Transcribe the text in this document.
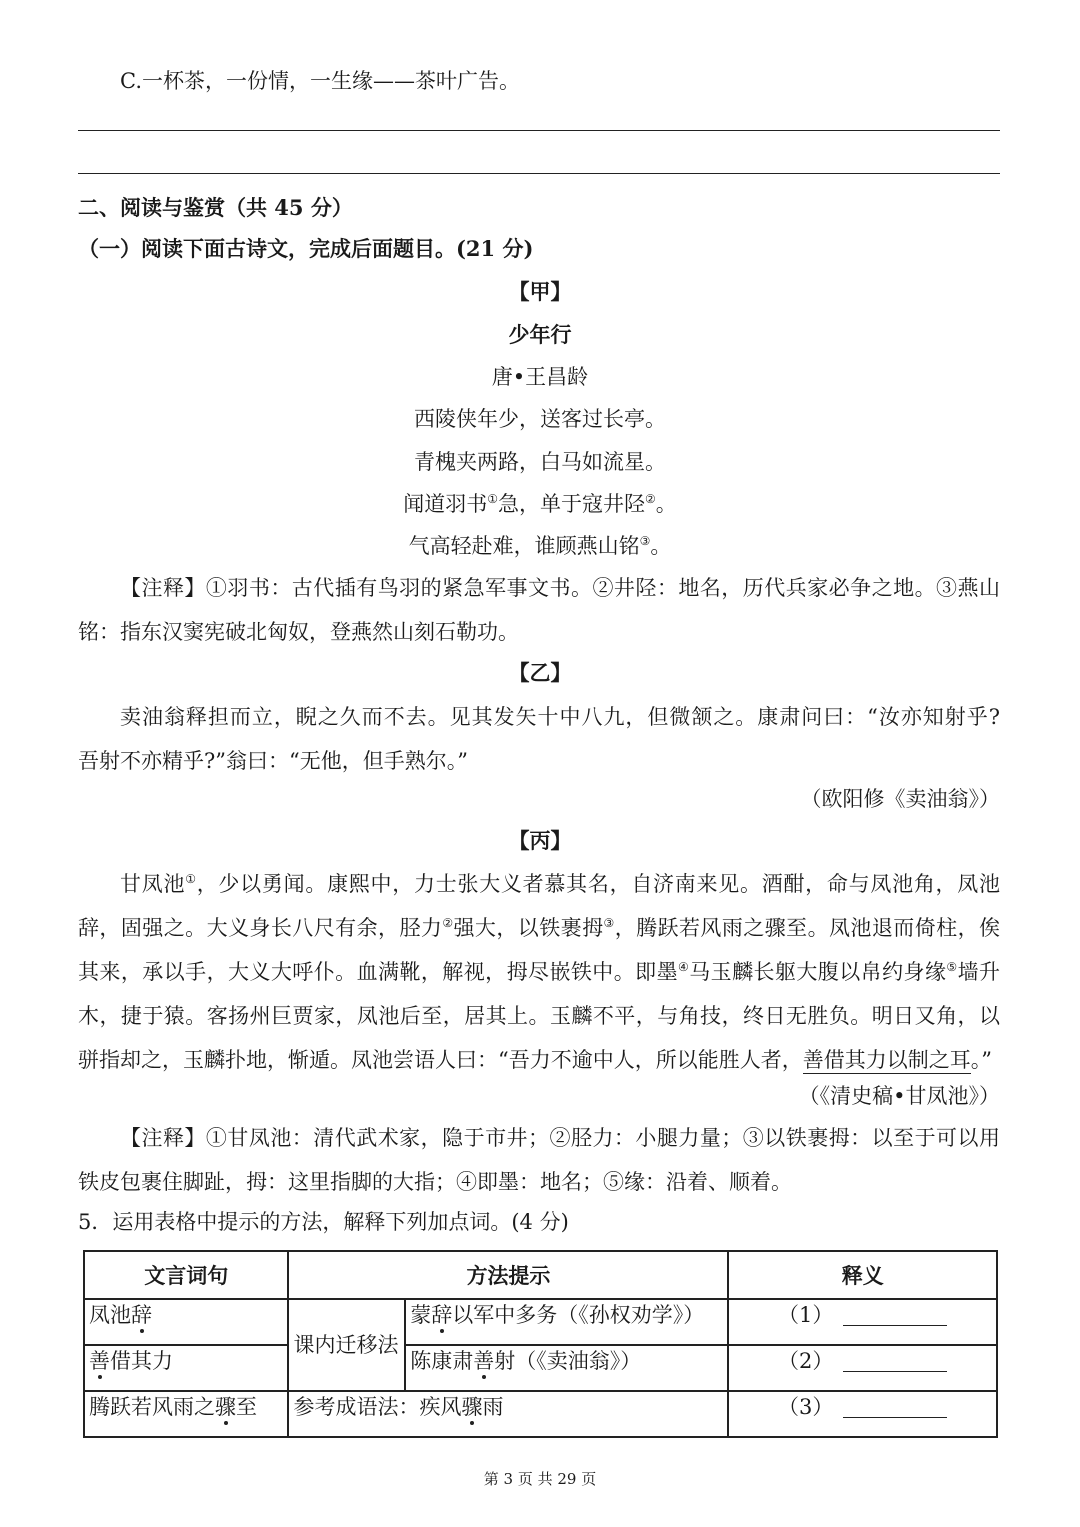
C.一杯茶，一份情，一生缘——茶叶广告。
二、阅读与鉴赏（共 45 分）
（一）阅读下面古诗文，完成后面题目。(21 分)
【甲】
少年行
唐•王昌龄
西陵侠年少，送客过长亭。
青槐夹两路，白马如流星。
闻道羽书①急，单于寇井陉②。
气高轻赴难，谁顾燕山铭③。
【注释】①羽书：古代插有鸟羽的紧急军事文书。②井陉：地名，历代兵家必争之地。③燕山
铭：指东汉窦宪破北匈奴，登燕然山刻石勒功。
【乙】
卖油翁释担而立，睨之久而不去。见其发矢十中八九，但微颔之。康肃问曰：“汝亦知射乎?
吾射不亦精乎?”翁曰：“无他，但手熟尔。”
（欧阳修《卖油翁》）
【丙】
甘凤池①，少以勇闻。康熙中，力士张大义者慕其名，自济南来见。酒酣，命与凤池角，凤池
辞，固强之。大义身长八尺有余，胫力②强大，以铁裹拇③，腾跃若风雨之骤至。凤池退而倚柱，俟
其来，承以手，大义大呼仆。血满靴，解视，拇尽嵌铁中。即墨④马玉麟长躯大腹以帛约身缘⑤墙升
木，捷于猿。客扬州巨贾家，凤池后至，居其上。玉麟不平，与角技，终日无胜负。明日又角，以
骈指却之，玉麟扑地，惭遁。凤池尝语人曰：“吾力不逾中人，所以能胜人者，善借其力以制之耳。”
（《清史稿•甘凤池》）
【注释】①甘凤池：清代武术家，隐于市井；②胫力：小腿力量；③以铁裹拇：以至于可以用
铁皮包裹住脚趾，拇：这里指脚的大指；④即墨：地名；⑤缘：沿着、顺着。
5．运用表格中提示的方法，解释下列加点词。(4 分)
文言词句	方法提示		释义
凤池辞	课内迁移法	蒙辞以军中多务（《孙权劝学》）	（1）
善借其力		陈康肃善射（《卖油翁》）	（2）
腾跃若风雨之骤至	参考成语法：疾风骤雨		（3）
第 3 页 共 29 页
